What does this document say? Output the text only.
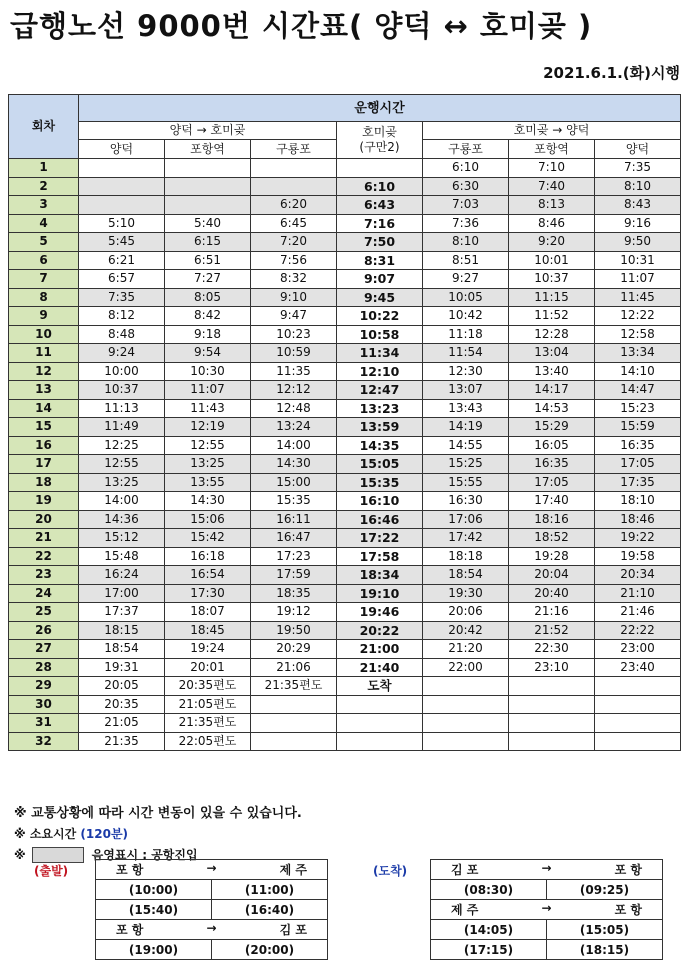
급행노선 9000번 시간표( 양덕 ↔ 호미곶 )
2021.6.1.(화)시행
회차	운행시간						
	양덕 → 호미곶			호미곶
(구만2)	호미곶 → 양덕		
	양덕	포항역	구룡포		구룡포	포항역	양덕
1					6:10	7:10	7:35
2				6:10	6:30	7:40	8:10
3			6:20	6:43	7:03	8:13	8:43
4	5:10	5:40	6:45	7:16	7:36	8:46	9:16
5	5:45	6:15	7:20	7:50	8:10	9:20	9:50
6	6:21	6:51	7:56	8:31	8:51	10:01	10:31
7	6:57	7:27	8:32	9:07	9:27	10:37	11:07
8	7:35	8:05	9:10	9:45	10:05	11:15	11:45
9	8:12	8:42	9:47	10:22	10:42	11:52	12:22
10	8:48	9:18	10:23	10:58	11:18	12:28	12:58
11	9:24	9:54	10:59	11:34	11:54	13:04	13:34
12	10:00	10:30	11:35	12:10	12:30	13:40	14:10
13	10:37	11:07	12:12	12:47	13:07	14:17	14:47
14	11:13	11:43	12:48	13:23	13:43	14:53	15:23
15	11:49	12:19	13:24	13:59	14:19	15:29	15:59
16	12:25	12:55	14:00	14:35	14:55	16:05	16:35
17	12:55	13:25	14:30	15:05	15:25	16:35	17:05
18	13:25	13:55	15:00	15:35	15:55	17:05	17:35
19	14:00	14:30	15:35	16:10	16:30	17:40	18:10
20	14:36	15:06	16:11	16:46	17:06	18:16	18:46
21	15:12	15:42	16:47	17:22	17:42	18:52	19:22
22	15:48	16:18	17:23	17:58	18:18	19:28	19:58
23	16:24	16:54	17:59	18:34	18:54	20:04	20:34
24	17:00	17:30	18:35	19:10	19:30	20:40	21:10
25	17:37	18:07	19:12	19:46	20:06	21:16	21:46
26	18:15	18:45	19:50	20:22	20:42	21:52	22:22
27	18:54	19:24	20:29	21:00	21:20	22:30	23:00
28	19:31	20:01	21:06	21:40	22:00	23:10	23:40
29	20:05	20:35편도	21:35편도	도착			
30	20:35	21:05편도					
31	21:05	21:35편도					
32	21:35	22:05편도					
※ 교통상황에 따라 시간 변동이 있을 수 있습니다.
※ 소요시간 (120분)
※	음영표시 : 공항진입
(출발)	(도착)
포 항 → 제 주	

(10:00)	(11:00)
(15:40)	(16:40)

포 항 → 김 포	

(19:00)	(20:00)
김 포 → 포 항	

(08:30)	(09:25)

제 주 → 포 항	

(14:05)	(15:05)
(17:15)	(18:15)
